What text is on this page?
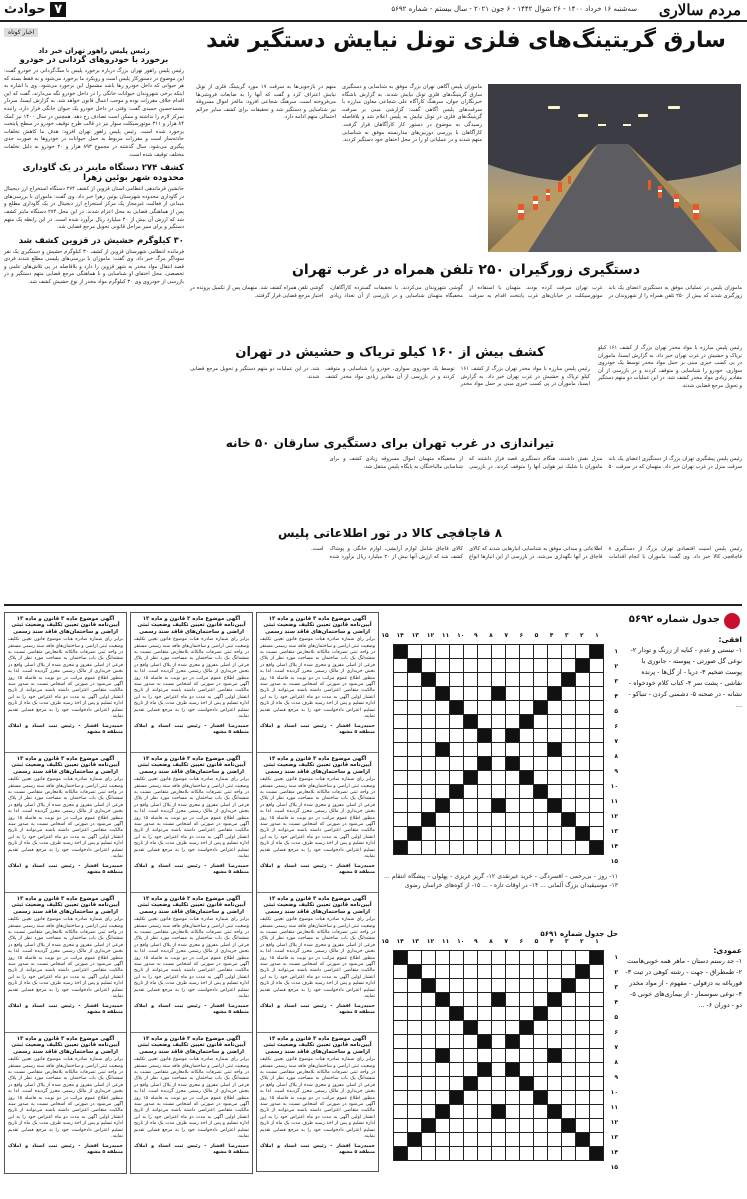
مردم سالاری
سه‌شنبه ۱۶ خرداد ۱۴۰۰ - ۲۶ شوال ۱۴۴۲ - ۶ جون ۲۰۲۱ - سال بیستم - شماره ۵۶۹۲
۷ حوادث
اخبار کوتاه
رئیس پلیس راهور تهران خبر داد
برخورد با خودروهای گردانی در خودرو
رئیس پلیس راهور تهران بزرگ درباره برخورد پلیس با سگ‌گردانی در خودرو گفت: این موضوع در دستورکار پلیس است و رویکرد ما برخورد می‌شود و به فقط بسته که هر حیوانی که داخل خودرو رها باشد مشمول این برخورد می‌شود. وی با اشاره به اینکه برخی شهروندان حیوانات خانگی را در داخل خودرو نگه می‌دارند، گفت که این اقدام خلاف مقررات بوده و موجب اعمال قانون خواهد شد. به گزارش ایسنا، سردار محمدحسین حمیدی گفت: وقتی در داخل خودرو یک حیوان خانگی قرار دارد، راننده تمرکز لازم را نداشته و ممکن است تصادف رخ دهد. همچنین در سال ۱۴۰۰ نیز کمک ۸۴ هزار و ۳۱۱ موتورسیکلت سوار نیز در قالب طرح توقیف خودرو در سطح پایتخت برخورد شده است. رئیس پلیس راهور تهران افزود: هدف ما کاهش تخلفات حادثه‌ساز است و مقررات مربوط به حمل حیوانات در خودروها به صورت جدی پیگیری می‌شود. سال گذشته در مجموع ۸۹۳ هزار و ۲۰ خودرو به دلیل تخلفات مختلف توقیف شده است.
کشف ۲۷۴ دستگاه ماینر در یک گاوداری محدوده شهر بوئین زهرا
جانشین فرماندهی انتظامی استان قزوین از کشف ۲۷۴ دستگاه استخراج ارز دیجیتال در گاوداری محدوده شهرستان بوئین زهرا خبر داد. وی گفت: ماموران با بررسی‌های میدانی از فعالیت غیرمجاز یک مرکز استخراج ارز دیجیتال در یک گاوداری مطلع و پس از هماهنگی قضایی به محل اعزام شدند. در این محل ۲۷۴ دستگاه ماینر کشف شد که ارزش آن بیش از ۴۰ میلیارد ریال برآورد شده است. در این رابطه یک متهم دستگیر و برای سیر مراحل قانونی تحویل مرجع قضایی شد.
۳۰ کیلوگرم حشیش در قزوین کشف شد
فرمانده انتظامی شهرستان قزوین از کشف ۳۰ کیلوگرم حشیش و دستگیری یک نفر سوداگر مرگ خبر داد. وی گفت: ماموران با بررسی‌های پلیسی مطلع شدند فردی قصد انتقال مواد مخدر به شهر قزوین را دارد و بلافاصله در پی تلاش‌های علمی و تخصصی، محل اختفای او شناسایی و با هماهنگی مرجع قضایی متهم دستگیر و در بازرسی از خودروی وی ۳۰ کیلوگرم مواد مخدر از نوع حشیش کشف شد.
سارق گریتینگ‌های فلزی تونل نیایش دستگیر شد
ماموران پلیس آگاهی تهران بزرگ موفق به شناسایی و دستگیری سارق گریتینگ‌های فلزی تونل نیایش شدند. به گزارش باشگاه خبرنگاران جوان، سرهنگ کارآگاه علی شجاعی معاون مبارزه با سرقت‌های پلیس آگاهی گفت: گزارشی مبنی بر سرقت گریتینگ‌های فلزی در تونل نیایش به پلیس اعلام شد و بلافاصله رسیدگی به موضوع در دستور کار کارآگاهان قرار گرفت. کارآگاهان با بررسی دوربین‌های مداربسته موفق به شناسایی متهم شدند و در عملیاتی او را در محل اختفای خود دستگیر کردند.
متهم در بازجویی‌ها به سرقت ۱۷ مورد گریتینگ فلزی از تونل نیایش اعتراف کرد و گفت که آنها را به ضایعات فروشی‌ها می‌فروخته است. سرهنگ شجاعی افزود: مالخر اموال مسروقه نیز شناسایی و دستگیر شد و تحقیقات برای کشف سایر جرائم احتمالی متهم ادامه دارد.
دستگیری زورگیران ۲۵۰ تلفن همراه در غرب تهران
ماموران پلیس در عملیاتی موفق به دستگیری اعضای یک باند زورگیری شدند که بیش از ۲۵۰ تلفن همراه را از شهروندان در غرب تهران سرقت کرده بودند. متهمان با استفاده از موتورسیکلت در خیابان‌های غرب پایتخت اقدام به سرقت گوشی شهروندان می‌کردند. با تحقیقات گسترده کارآگاهان، مخفیگاه متهمان شناسایی و در بازرسی از آن تعداد زیادی گوشی تلفن همراه کشف شد. متهمان پس از تکمیل پرونده در اختیار مرجع قضایی قرار گرفتند.
کشف بیش از ۱۶۰ کیلو تریاک و حشیش در تهران
رئیس پلیس مبارزه با مواد مخدر تهران بزرگ از کشف ۱۶۱ کیلو تریاک و حشیش در غرب تهران خبر داد. به گزارش ایسنا، ماموران در پی کسب خبری مبنی بر حمل مواد مخدر توسط یک خودروی سواری، خودرو را شناسایی و متوقف کردند و در بازرسی از آن مقادیر زیادی مواد مخدر کشف شد. در این عملیات دو متهم دستگیر و تحویل مرجع قضایی شدند.
رئیس پلیس مبارزه با مواد مخدر تهران بزرگ از کشف ۱۶۱ کیلو تریاک و حشیش در غرب تهران خبر داد. به گزارش ایسنا، ماموران در پی کسب خبری مبنی بر حمل مواد مخدر توسط یک خودروی سواری، خودرو را شناسایی و متوقف کردند و در بازرسی از آن مقادیر زیادی مواد مخدر کشف شد. در این عملیات دو متهم دستگیر و تحویل مرجع قضایی شدند.
تیراندازی در غرب تهران برای دستگیری سارقان ۵۰ خانه
رئیس پلیس پیشگیری تهران بزرگ از دستگیری اعضای یک باند سرقت منزل در غرب تهران خبر داد. متهمان که در سرقت ۵۰ منزل نقش داشتند، هنگام دستگیری قصد فرار داشتند که ماموران با شلیک تیر هوایی آنها را متوقف کردند. در بازرسی از مخفیگاه متهمان اموال مسروقه زیادی کشف و برای شناسایی مالباختگان به پایگاه پلیس منتقل شد.
۸ قاچاقچی کالا در تور اطلاعاتی پلیس
رئیس پلیس امنیت اقتصادی تهران بزرگ از دستگیری ۸ قاچاقچی کالا خبر داد. وی گفت: ماموران با انجام اقدامات اطلاعاتی و میدانی موفق به شناسایی انبارهایی شدند که کالای قاچاق در آنها نگهداری می‌شد. در بازرسی از این انبارها انواع کالای قاچاق شامل لوازم آرایشی، لوازم خانگی و پوشاک کشف شد که ارزش آنها بیش از ۲۰ میلیارد ریال برآورد شده است.
آگهی موضوع ماده ۳ قانون و ماده ۱۳ آیین‌نامه قانون تعیین تکلیف وضعیت ثبتی اراضی و ساختمان‌های فاقد سند رسمی
برابر رای شماره صادره هیات موضوع قانون تعیین تکلیف وضعیت ثبتی اراضی و ساختمان‌های فاقد سند رسمی مستقر در واحد ثبتی تصرفات مالکانه بلامعارض متقاضی نسبت به ششدانگ یک باب ساختمان به مساحت مورد نظر از پلاک فرعی از اصلی مفروز و مجزی شده از پلاک اصلی واقع در بخش خریداری از مالک رسمی محرز گردیده است. لذا به منظور اطلاع عموم مراتب در دو نوبت به فاصله ۱۵ روز آگهی می‌شود در صورتی که اشخاص نسبت به صدور سند مالکیت متقاضی اعتراضی داشته باشند می‌توانند از تاریخ انتشار اولین آگهی به مدت دو ماه اعتراض خود را به این اداره تسلیم و پس از اخذ رسید ظرف مدت یک ماه از تاریخ تسلیم اعتراض دادخواست خود را به مرجع قضایی تقدیم نمایند.
حمیدرضا افشار - رئیس ثبت اسناد و املاک منطقه ۵ مشهد
آگهی موضوع ماده ۳ قانون و ماده ۱۳ آیین‌نامه قانون تعیین تکلیف وضعیت ثبتی اراضی و ساختمان‌های فاقد سند رسمی
برابر رای شماره صادره هیات موضوع قانون تعیین تکلیف وضعیت ثبتی اراضی و ساختمان‌های فاقد سند رسمی مستقر در واحد ثبتی تصرفات مالکانه بلامعارض متقاضی نسبت به ششدانگ یک باب ساختمان به مساحت مورد نظر از پلاک فرعی از اصلی مفروز و مجزی شده از پلاک اصلی واقع در بخش خریداری از مالک رسمی محرز گردیده است. لذا به منظور اطلاع عموم مراتب در دو نوبت به فاصله ۱۵ روز آگهی می‌شود در صورتی که اشخاص نسبت به صدور سند مالکیت متقاضی اعتراضی داشته باشند می‌توانند از تاریخ انتشار اولین آگهی به مدت دو ماه اعتراض خود را به این اداره تسلیم و پس از اخذ رسید ظرف مدت یک ماه از تاریخ تسلیم اعتراض دادخواست خود را به مرجع قضایی تقدیم نمایند.
حمیدرضا افشار - رئیس ثبت اسناد و املاک منطقه ۵ مشهد
آگهی موضوع ماده ۳ قانون و ماده ۱۳ آیین‌نامه قانون تعیین تکلیف وضعیت ثبتی اراضی و ساختمان‌های فاقد سند رسمی
برابر رای شماره صادره هیات موضوع قانون تعیین تکلیف وضعیت ثبتی اراضی و ساختمان‌های فاقد سند رسمی مستقر در واحد ثبتی تصرفات مالکانه بلامعارض متقاضی نسبت به ششدانگ یک باب ساختمان به مساحت مورد نظر از پلاک فرعی از اصلی مفروز و مجزی شده از پلاک اصلی واقع در بخش خریداری از مالک رسمی محرز گردیده است. لذا به منظور اطلاع عموم مراتب در دو نوبت به فاصله ۱۵ روز آگهی می‌شود در صورتی که اشخاص نسبت به صدور سند مالکیت متقاضی اعتراضی داشته باشند می‌توانند از تاریخ انتشار اولین آگهی به مدت دو ماه اعتراض خود را به این اداره تسلیم و پس از اخذ رسید ظرف مدت یک ماه از تاریخ تسلیم اعتراض دادخواست خود را به مرجع قضایی تقدیم نمایند.
حمیدرضا افشار - رئیس ثبت اسناد و املاک منطقه ۵ مشهد
آگهی موضوع ماده ۳ قانون و ماده ۱۳ آیین‌نامه قانون تعیین تکلیف وضعیت ثبتی اراضی و ساختمان‌های فاقد سند رسمی
برابر رای شماره صادره هیات موضوع قانون تعیین تکلیف وضعیت ثبتی اراضی و ساختمان‌های فاقد سند رسمی مستقر در واحد ثبتی تصرفات مالکانه بلامعارض متقاضی نسبت به ششدانگ یک باب ساختمان به مساحت مورد نظر از پلاک فرعی از اصلی مفروز و مجزی شده از پلاک اصلی واقع در بخش خریداری از مالک رسمی محرز گردیده است. لذا به منظور اطلاع عموم مراتب در دو نوبت به فاصله ۱۵ روز آگهی می‌شود در صورتی که اشخاص نسبت به صدور سند مالکیت متقاضی اعتراضی داشته باشند می‌توانند از تاریخ انتشار اولین آگهی به مدت دو ماه اعتراض خود را به این اداره تسلیم و پس از اخذ رسید ظرف مدت یک ماه از تاریخ تسلیم اعتراض دادخواست خود را به مرجع قضایی تقدیم نمایند.
حمیدرضا افشار - رئیس ثبت اسناد و املاک منطقه ۵ مشهد
آگهی موضوع ماده ۳ قانون و ماده ۱۳ آیین‌نامه قانون تعیین تکلیف وضعیت ثبتی اراضی و ساختمان‌های فاقد سند رسمی
برابر رای شماره صادره هیات موضوع قانون تعیین تکلیف وضعیت ثبتی اراضی و ساختمان‌های فاقد سند رسمی مستقر در واحد ثبتی تصرفات مالکانه بلامعارض متقاضی نسبت به ششدانگ یک باب ساختمان به مساحت مورد نظر از پلاک فرعی از اصلی مفروز و مجزی شده از پلاک اصلی واقع در بخش خریداری از مالک رسمی محرز گردیده است. لذا به منظور اطلاع عموم مراتب در دو نوبت به فاصله ۱۵ روز آگهی می‌شود در صورتی که اشخاص نسبت به صدور سند مالکیت متقاضی اعتراضی داشته باشند می‌توانند از تاریخ انتشار اولین آگهی به مدت دو ماه اعتراض خود را به این اداره تسلیم و پس از اخذ رسید ظرف مدت یک ماه از تاریخ تسلیم اعتراض دادخواست خود را به مرجع قضایی تقدیم نمایند.
حمیدرضا افشار - رئیس ثبت اسناد و املاک منطقه ۵ مشهد
آگهی موضوع ماده ۳ قانون و ماده ۱۳ آیین‌نامه قانون تعیین تکلیف وضعیت ثبتی اراضی و ساختمان‌های فاقد سند رسمی
برابر رای شماره صادره هیات موضوع قانون تعیین تکلیف وضعیت ثبتی اراضی و ساختمان‌های فاقد سند رسمی مستقر در واحد ثبتی تصرفات مالکانه بلامعارض متقاضی نسبت به ششدانگ یک باب ساختمان به مساحت مورد نظر از پلاک فرعی از اصلی مفروز و مجزی شده از پلاک اصلی واقع در بخش خریداری از مالک رسمی محرز گردیده است. لذا به منظور اطلاع عموم مراتب در دو نوبت به فاصله ۱۵ روز آگهی می‌شود در صورتی که اشخاص نسبت به صدور سند مالکیت متقاضی اعتراضی داشته باشند می‌توانند از تاریخ انتشار اولین آگهی به مدت دو ماه اعتراض خود را به این اداره تسلیم و پس از اخذ رسید ظرف مدت یک ماه از تاریخ تسلیم اعتراض دادخواست خود را به مرجع قضایی تقدیم نمایند.
حمیدرضا افشار - رئیس ثبت اسناد و املاک منطقه ۵ مشهد
آگهی موضوع ماده ۳ قانون و ماده ۱۳ آیین‌نامه قانون تعیین تکلیف وضعیت ثبتی اراضی و ساختمان‌های فاقد سند رسمی
برابر رای شماره صادره هیات موضوع قانون تعیین تکلیف وضعیت ثبتی اراضی و ساختمان‌های فاقد سند رسمی مستقر در واحد ثبتی تصرفات مالکانه بلامعارض متقاضی نسبت به ششدانگ یک باب ساختمان به مساحت مورد نظر از پلاک فرعی از اصلی مفروز و مجزی شده از پلاک اصلی واقع در بخش خریداری از مالک رسمی محرز گردیده است. لذا به منظور اطلاع عموم مراتب در دو نوبت به فاصله ۱۵ روز آگهی می‌شود در صورتی که اشخاص نسبت به صدور سند مالکیت متقاضی اعتراضی داشته باشند می‌توانند از تاریخ انتشار اولین آگهی به مدت دو ماه اعتراض خود را به این اداره تسلیم و پس از اخذ رسید ظرف مدت یک ماه از تاریخ تسلیم اعتراض دادخواست خود را به مرجع قضایی تقدیم نمایند.
حمیدرضا افشار - رئیس ثبت اسناد و املاک منطقه ۵ مشهد
آگهی موضوع ماده ۳ قانون و ماده ۱۳ آیین‌نامه قانون تعیین تکلیف وضعیت ثبتی اراضی و ساختمان‌های فاقد سند رسمی
برابر رای شماره صادره هیات موضوع قانون تعیین تکلیف وضعیت ثبتی اراضی و ساختمان‌های فاقد سند رسمی مستقر در واحد ثبتی تصرفات مالکانه بلامعارض متقاضی نسبت به ششدانگ یک باب ساختمان به مساحت مورد نظر از پلاک فرعی از اصلی مفروز و مجزی شده از پلاک اصلی واقع در بخش خریداری از مالک رسمی محرز گردیده است. لذا به منظور اطلاع عموم مراتب در دو نوبت به فاصله ۱۵ روز آگهی می‌شود در صورتی که اشخاص نسبت به صدور سند مالکیت متقاضی اعتراضی داشته باشند می‌توانند از تاریخ انتشار اولین آگهی به مدت دو ماه اعتراض خود را به این اداره تسلیم و پس از اخذ رسید ظرف مدت یک ماه از تاریخ تسلیم اعتراض دادخواست خود را به مرجع قضایی تقدیم نمایند.
حمیدرضا افشار - رئیس ثبت اسناد و املاک منطقه ۵ مشهد
آگهی موضوع ماده ۳ قانون و ماده ۱۳ آیین‌نامه قانون تعیین تکلیف وضعیت ثبتی اراضی و ساختمان‌های فاقد سند رسمی
برابر رای شماره صادره هیات موضوع قانون تعیین تکلیف وضعیت ثبتی اراضی و ساختمان‌های فاقد سند رسمی مستقر در واحد ثبتی تصرفات مالکانه بلامعارض متقاضی نسبت به ششدانگ یک باب ساختمان به مساحت مورد نظر از پلاک فرعی از اصلی مفروز و مجزی شده از پلاک اصلی واقع در بخش خریداری از مالک رسمی محرز گردیده است. لذا به منظور اطلاع عموم مراتب در دو نوبت به فاصله ۱۵ روز آگهی می‌شود در صورتی که اشخاص نسبت به صدور سند مالکیت متقاضی اعتراضی داشته باشند می‌توانند از تاریخ انتشار اولین آگهی به مدت دو ماه اعتراض خود را به این اداره تسلیم و پس از اخذ رسید ظرف مدت یک ماه از تاریخ تسلیم اعتراض دادخواست خود را به مرجع قضایی تقدیم نمایند.
حمیدرضا افشار - رئیس ثبت اسناد و املاک منطقه ۵ مشهد
آگهی موضوع ماده ۳ قانون و ماده ۱۳ آیین‌نامه قانون تعیین تکلیف وضعیت ثبتی اراضی و ساختمان‌های فاقد سند رسمی
برابر رای شماره صادره هیات موضوع قانون تعیین تکلیف وضعیت ثبتی اراضی و ساختمان‌های فاقد سند رسمی مستقر در واحد ثبتی تصرفات مالکانه بلامعارض متقاضی نسبت به ششدانگ یک باب ساختمان به مساحت مورد نظر از پلاک فرعی از اصلی مفروز و مجزی شده از پلاک اصلی واقع در بخش خریداری از مالک رسمی محرز گردیده است. لذا به منظور اطلاع عموم مراتب در دو نوبت به فاصله ۱۵ روز آگهی می‌شود در صورتی که اشخاص نسبت به صدور سند مالکیت متقاضی اعتراضی داشته باشند می‌توانند از تاریخ انتشار اولین آگهی به مدت دو ماه اعتراض خود را به این اداره تسلیم و پس از اخذ رسید ظرف مدت یک ماه از تاریخ تسلیم اعتراض دادخواست خود را به مرجع قضایی تقدیم نمایند.
حمیدرضا افشار - رئیس ثبت اسناد و املاک منطقه ۵ مشهد
آگهی موضوع ماده ۳ قانون و ماده ۱۳ آیین‌نامه قانون تعیین تکلیف وضعیت ثبتی اراضی و ساختمان‌های فاقد سند رسمی
برابر رای شماره صادره هیات موضوع قانون تعیین تکلیف وضعیت ثبتی اراضی و ساختمان‌های فاقد سند رسمی مستقر در واحد ثبتی تصرفات مالکانه بلامعارض متقاضی نسبت به ششدانگ یک باب ساختمان به مساحت مورد نظر از پلاک فرعی از اصلی مفروز و مجزی شده از پلاک اصلی واقع در بخش خریداری از مالک رسمی محرز گردیده است. لذا به منظور اطلاع عموم مراتب در دو نوبت به فاصله ۱۵ روز آگهی می‌شود در صورتی که اشخاص نسبت به صدور سند مالکیت متقاضی اعتراضی داشته باشند می‌توانند از تاریخ انتشار اولین آگهی به مدت دو ماه اعتراض خود را به این اداره تسلیم و پس از اخذ رسید ظرف مدت یک ماه از تاریخ تسلیم اعتراض دادخواست خود را به مرجع قضایی تقدیم نمایند.
حمیدرضا افشار - رئیس ثبت اسناد و املاک منطقه ۵ مشهد
آگهی موضوع ماده ۳ قانون و ماده ۱۳ آیین‌نامه قانون تعیین تکلیف وضعیت ثبتی اراضی و ساختمان‌های فاقد سند رسمی
برابر رای شماره صادره هیات موضوع قانون تعیین تکلیف وضعیت ثبتی اراضی و ساختمان‌های فاقد سند رسمی مستقر در واحد ثبتی تصرفات مالکانه بلامعارض متقاضی نسبت به ششدانگ یک باب ساختمان به مساحت مورد نظر از پلاک فرعی از اصلی مفروز و مجزی شده از پلاک اصلی واقع در بخش خریداری از مالک رسمی محرز گردیده است. لذا به منظور اطلاع عموم مراتب در دو نوبت به فاصله ۱۵ روز آگهی می‌شود در صورتی که اشخاص نسبت به صدور سند مالکیت متقاضی اعتراضی داشته باشند می‌توانند از تاریخ انتشار اولین آگهی به مدت دو ماه اعتراض خود را به این اداره تسلیم و پس از اخذ رسید ظرف مدت یک ماه از تاریخ تسلیم اعتراض دادخواست خود را به مرجع قضایی تقدیم نمایند.
حمیدرضا افشار - رئیس ثبت اسناد و املاک منطقه ۵ مشهد
جدول شماره ۵۶۹۲

۱
۲
۳
۴
۵
۶
۷
۸
۹
۱۰
۱۱
۱۲
۱۳
۱۴
۱۵
۱
۲
۳
۴
۵
۶
۷
۸
۹
۱۰
۱۱
۱۲
۱۳
۱۴
۱۵
افقی:
۱- نیستی و عدم - کنایه از زرنگ و تودار ۲- نوعی گل صورتی - پیوسته - جانوری با پوست ضخیم ۳- دریا - از گل‌ها - پرنده نقاشی - پشت سر ۴- کتاب کلام خودخواه - نشانه - در صحنه ۵- دشمنی کردن - تنباکو - ...
عمودی:
۱- جد رستم دستان - ماهر همه خوبی‌هاست ۲- طمطراق - جهت - رشته کوهی در تبت ۳- قورباغه به دزفولی - مفهوم - از مواد مخدر ۴- نوعی سوسمار - از بیماری‌های خونی ۵- دو - دوران ۶- ...
۱۱- روز - بی‌رحمی - افسردگی - خرید غیرنقدی ۱۲- گریز غریزی - پهلوان - پیشگاه انتقام ... ۱۳- موسیقیدان بزرگ آلمانی ... ۱۴- در اوقات تازه - ... ۱۵- از کوه‌های خراسان رضوی
حل جدول شماره ۵۶۹۱

۱
۲
۳
۴
۵
۶
۷
۸
۹
۱۰
۱۱
۱۲
۱۳
۱۴
۱۵
۱
۲
۳
۴
۵
۶
۷
۸
۹
۱۰
۱۱
۱۲
۱۳
۱۴
۱۵
